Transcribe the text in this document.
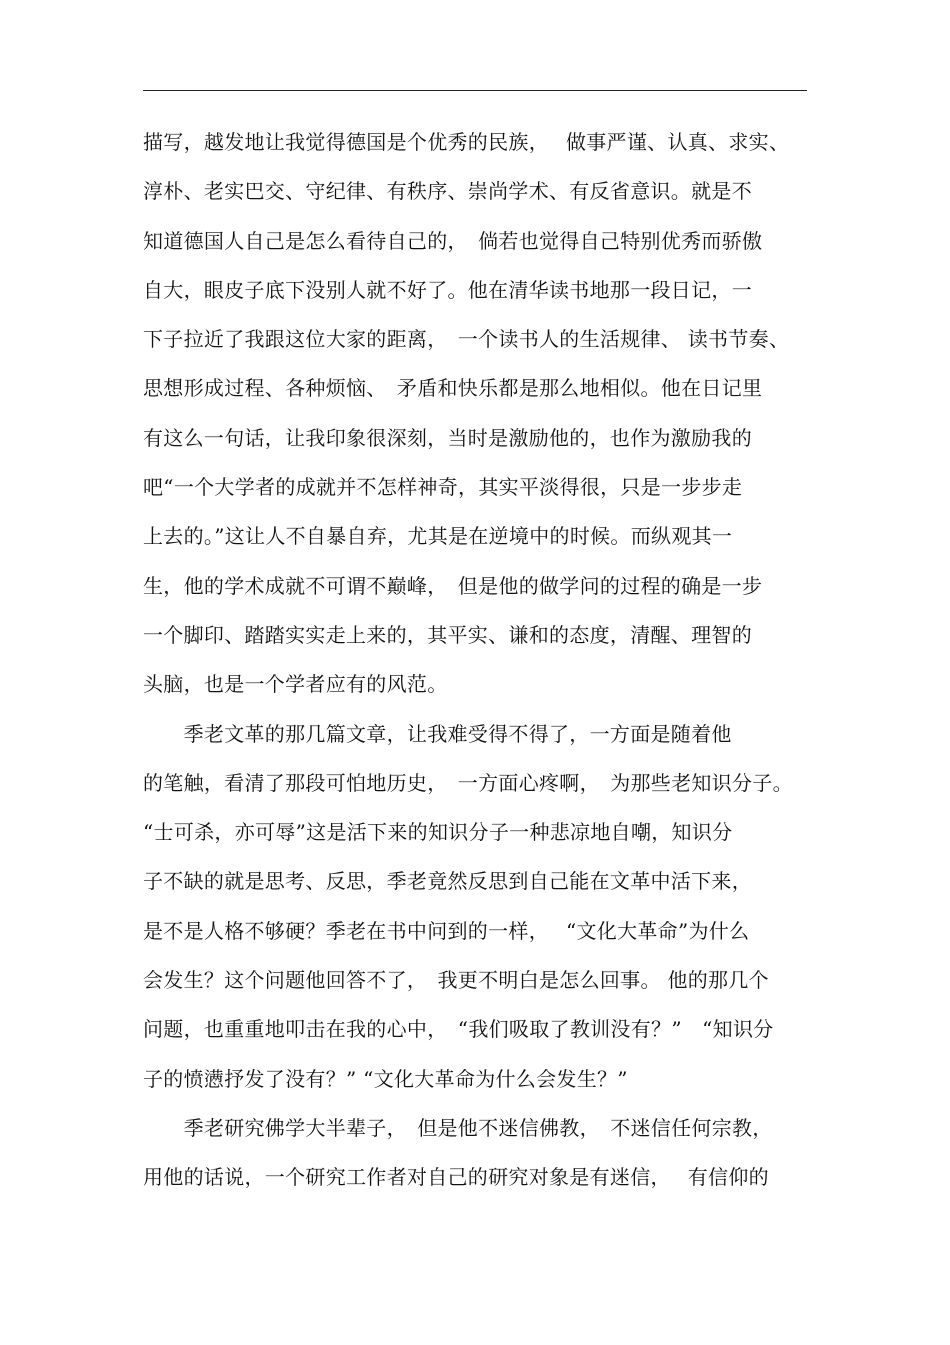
描写，越发地让我觉得德国是个优秀的民族，　 做事严谨、认真、求实、
淳朴、老实巴交、守纪律、有秩序、崇尚学术、有反省意识。就是不
知道德国人自己是怎么看待自己的，　倘若也觉得自己特别优秀而骄傲
自大，眼皮子底下没别人就不好了。他在清华读书地那一段日记，一
下子拉近了我跟这位大家的距离，　一个读书人的生活规律、 读书节奏、
思想形成过程、各种烦恼、　矛盾和快乐都是那么地相似。他在日记里
有这么一句话，让我印象很深刻，当时是激励他的，也作为激励我的
吧“一个大学者的成就并不怎样神奇，其实平淡得很，只是一步步走
上去的。”这让人不自暴自弃，尤其是在逆境中的时候。而纵观其一
生，他的学术成就不可谓不巅峰，　但是他的做学问的过程的确是一步
一个脚印、踏踏实实走上来的，其平实、谦和的态度，清醒、理智的
头脑，也是一个学者应有的风范。
　　季老文革的那几篇文章，让我难受得不得了，一方面是随着他
的笔触，看清了那段可怕地历史，　一方面心疼啊，　为那些老知识分子。
“士可杀，亦可辱”这是活下来的知识分子一种悲凉地自嘲，知识分
子不缺的就是思考、反思，季老竟然反思到自己能在文革中活下来，
是不是人格不够硬？季老在书中问到的一样，　 “文化大革命”为什么
会发生？这个问题他回答不了，　我更不明白是怎么回事。 他的那几个
问题，也重重地叩击在我的心中，　“我们吸取了教训没有？”　“知识分
子的愤懑抒发了没有？” “文化大革命为什么会发生？”
　　季老研究佛学大半辈子，　但是他不迷信佛教，　不迷信任何宗教，
用他的话说，一个研究工作者对自己的研究对象是有迷信，　 有信仰的
